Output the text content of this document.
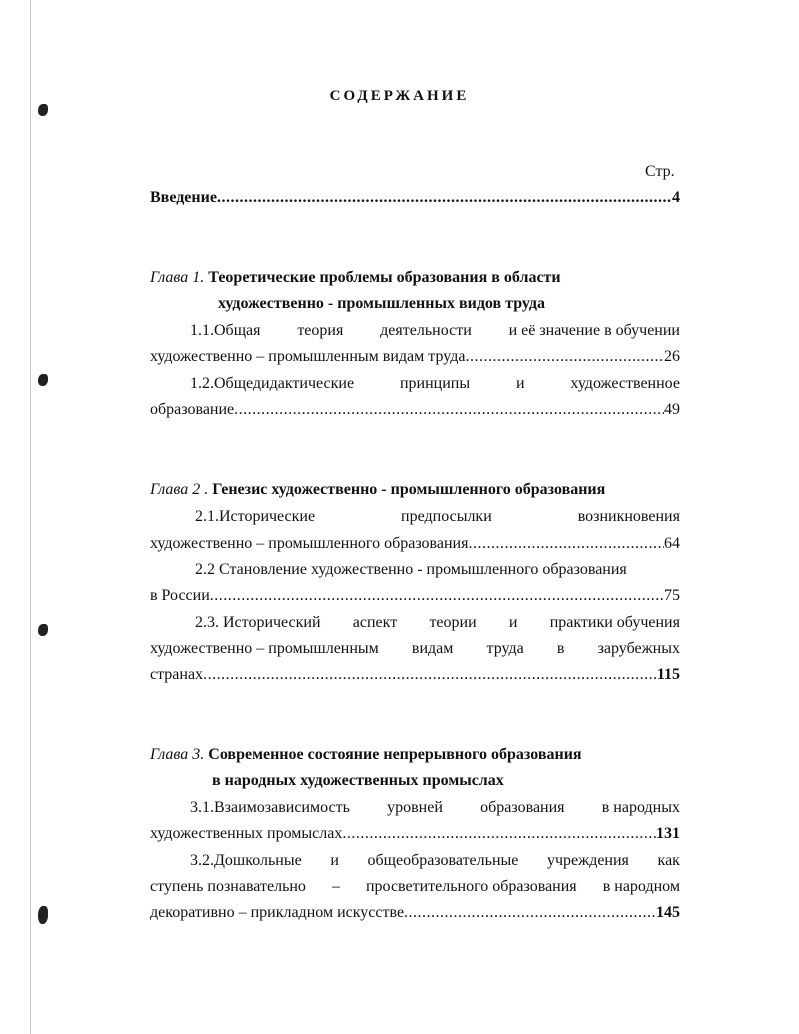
СОДЕРЖАНИЕ
Стр.
Введение .....	4
Глава 1. Теоретические проблемы образования в области
художественно - промышленных видов труда
1.1.Общая теория деятельности и её значение в обучении
художественно – промышленным видам труда .....	26
1.2.Общедидактические	принципы	и	художественное
образование .....	49
Глава 2 . Генезис художественно - промышленного образования
2.1.Исторические	предпосылки	возникновения
художественно – промышленного образования .....	64
2.2 Становление художественно - промышленного образования
в России .....	75
2.3. Исторический аспект теории и практики обучения
художественно – промышленным видам труда в зарубежных
странах .....	115
Глава 3. Современное состояние непрерывного образования
в народных художественных промыслах
3.1.Взаимозависимость уровней образования в народных
художественных промыслах .....	131
3.2.Дошкольные и общеобразовательные учреждения как
ступень познавательно – просветительного образования в народном
декоративно – прикладном искусстве .....	145
